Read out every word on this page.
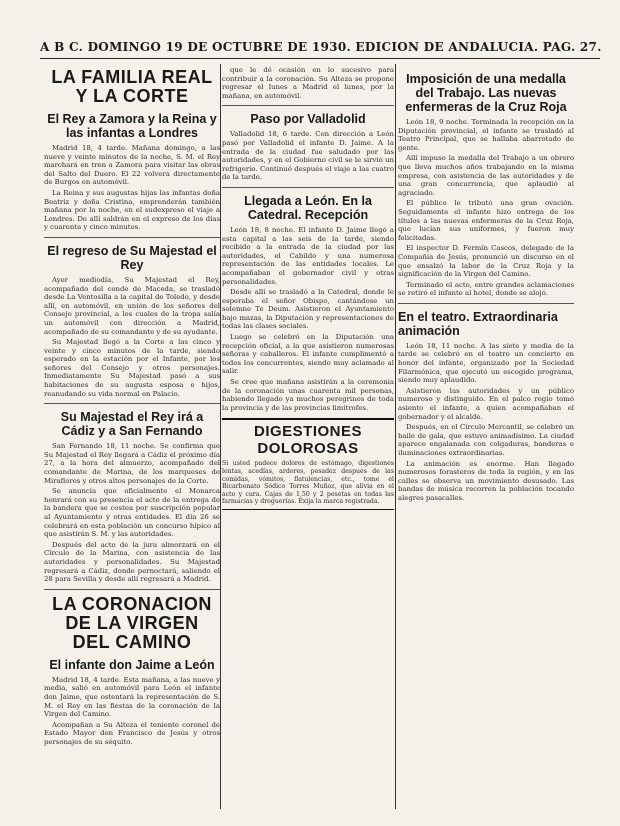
A B C. DOMINGO 19 DE OCTUBRE DE 1930. EDICION DE ANDALUCIA. PAG. 27.
LA FAMILIA REAL Y LA CORTE
El Rey a Zamora y la Reina y las infantas a Londres

Madrid 18, 4 tarde. Mañana domingo, a las nueve y veinte minutos de la noche, S. M. el Rey marchará en tren a Zamora para visitar las obras del Salto del Duero. El 22 volverá directamente de Burgos en automóvil.

La Reina y sus augustas hijas las infantas doña Beatriz y doña Cristina, emprenderán también mañana por la noche, en el sudexpreso el viaje a Londres. De allí saldrán en el expreso de los días y cuarenta y cinco minutos.

El regreso de Su Majestad el Rey

Ayer mediodía, Su Majestad el Rey, acompañado del conde de Maceda, se trasladó desde La Ventosilla a la capital de Toledo, y desde allí, en automóvil, en unión de los señores del Consejo provincial, a los cuales de la tropa salía un automóvil con dirección a Madrid, acompañado de su comandante y de su ayudante.

Su Majestad llegó a la Corte a las cinco y veinte y cinco minutos de la tarde, siendo esperado en la estación por el Infante, por los señores del Consejo y otros personajes. Inmediatamente Su Majestad pasó a sus habitaciones de su augusta esposa e hijos, reanudando su vida normal en Palacio.

Su Majestad el Rey irá a Cádiz y a San Fernando

San Fernando 18, 11 noche. Se confirma que Su Majestad el Rey llegará a Cádiz el próximo día 27, a la hora del almuerzo, acompañado del comandante de Marina, de los marqueses de Miraflores y otros altos personajes de la Corte.

Se anuncia que oficialmente el Monarca honrará con su presencia el acto de la entrega de la bandera que se costea por suscripción popular al Ayuntamiento y otras entidades. El día 26 se celebrará en esta población un concurso hípico al que asistirán S. M. y las autoridades.

Después del acto de la jura almorzará en el Círculo de la Marina, con asistencia de las autoridades y personalidades. Su Majestad regresará a Cádiz, donde pernoctará, saliendo el 28 para Sevilla y desde allí regresará a Madrid.

LA CORONACION DE LA VIRGEN DEL CAMINO
El infante don Jaime a León

Madrid 18, 4 tarde. Esta mañana, a las nueve y media, salió en automóvil para León el infante don Jaime, que ostentará la representación de S. M. el Rey en las fiestas de la coronación de la Virgen del Camino.

Acompañan a Su Alteza el teniente coronel de Estado Mayor don Francisco de Jesús y otros personajes de su séquito.

que le dé ocasión en lo sucesivo para contribuir a la coronación. Su Alteza se propone regresar el lunes a Madrid el lunes, por la mañana, en automóvil.

Paso por Valladolid

Valladolid 18, 6 tarde. Con dirección a León pasó por Valladolid el infante D. Jaime. A la entrada de la ciudad fue saludado por las autoridades, y en el Gobierno civil se le sirvió un refrigerio. Continuó después el viaje a las cuatro de la tarde.

Llegada a León. En la Catedral. Recepción

León 18, 8 noche. El infante D. Jaime llegó a esta capital a las seis de la tarde, siendo recibido a la entrada de la ciudad por las autoridades, el Cabildo y una numerosa representación de las entidades locales. Le acompañaban el gobernador civil y otras personalidades.

Desde allí se trasladó a la Catedral, donde le esperaba el señor Obispo, cantándose un solemne Te Deum. Asistieron el Ayuntamiento bajo mazas, la Diputación y representaciones de todas las clases sociales.

Luego se celebró en la Diputación una recepción oficial, a la que asistieron numerosas señoras y caballeros. El infante cumplimentó a todos los concurrentes, siendo muy aclamado al salir.

Se cree que mañana asistirán a la ceremonia de la coronación unas cuarenta mil personas, habiendo llegado ya muchos peregrinos de toda la provincia y de las provincias limítrofes.

DIGESTIONES DOLOROSAS
Si usted padece dolores de estómago, digestiones lentas, acedías, ardores, pesadez después de las comidas, vómitos, flatulencias, etc., tome el Bicarbonato Sódico Torres Muñoz, que alivia en el acto y cura. Cajas de 1,50 y 2 pesetas en todas las farmacias y droguerías. Exija la marca registrada.
Imposición de una medalla del Trabajo. Las nuevas enfermeras de la Cruz Roja

León 18, 9 noche. Terminada la recepción en la Diputación provincial, el infante se trasladó al Teatro Principal, que se hallaba abarrotado de gente.

Allí impuso la medalla del Trabajo a un obrero que lleva muchos años trabajando en la misma empresa, con asistencia de las autoridades y de una gran concurrencia, que aplaudió al agraciado.

El público le tributó una gran ovación. Seguidamente el infante hizo entrega de los títulos a las nuevas enfermeras de la Cruz Roja, que lucían sus uniformes, y fueron muy felicitadas.

El inspector D. Fermín Cascos, delegado de la Compañía de Jesús, pronunció un discurso en el que ensalzó la labor de la Cruz Roja y la significación de la Virgen del Camino.

Terminado el acto, entre grandes aclamaciones se retiró el infante al hotel, donde se alojó.

En el teatro. Extraordinaria animación

León 18, 11 noche. A las siete y media de la tarde se celebró en el teatro un concierto en honor del infante, organizado por la Sociedad Filarmónica, que ejecutó un escogido programa, siendo muy aplaudido.

Asistieron las autoridades y un público numeroso y distinguido. En el palco regio tomó asiento el infante, a quien acompañaban el gobernador y el alcalde.

Después, en el Círculo Mercantil, se celebró un baile de gala, que estuvo animadísimo. La ciudad aparece engalanada con colgaduras, banderas e iluminaciones extraordinarias.

La animación es enorme. Han llegado numerosos forasteros de toda la región, y en las calles se observa un movimiento desusado. Las bandas de música recorren la población tocando alegres pasacalles.
